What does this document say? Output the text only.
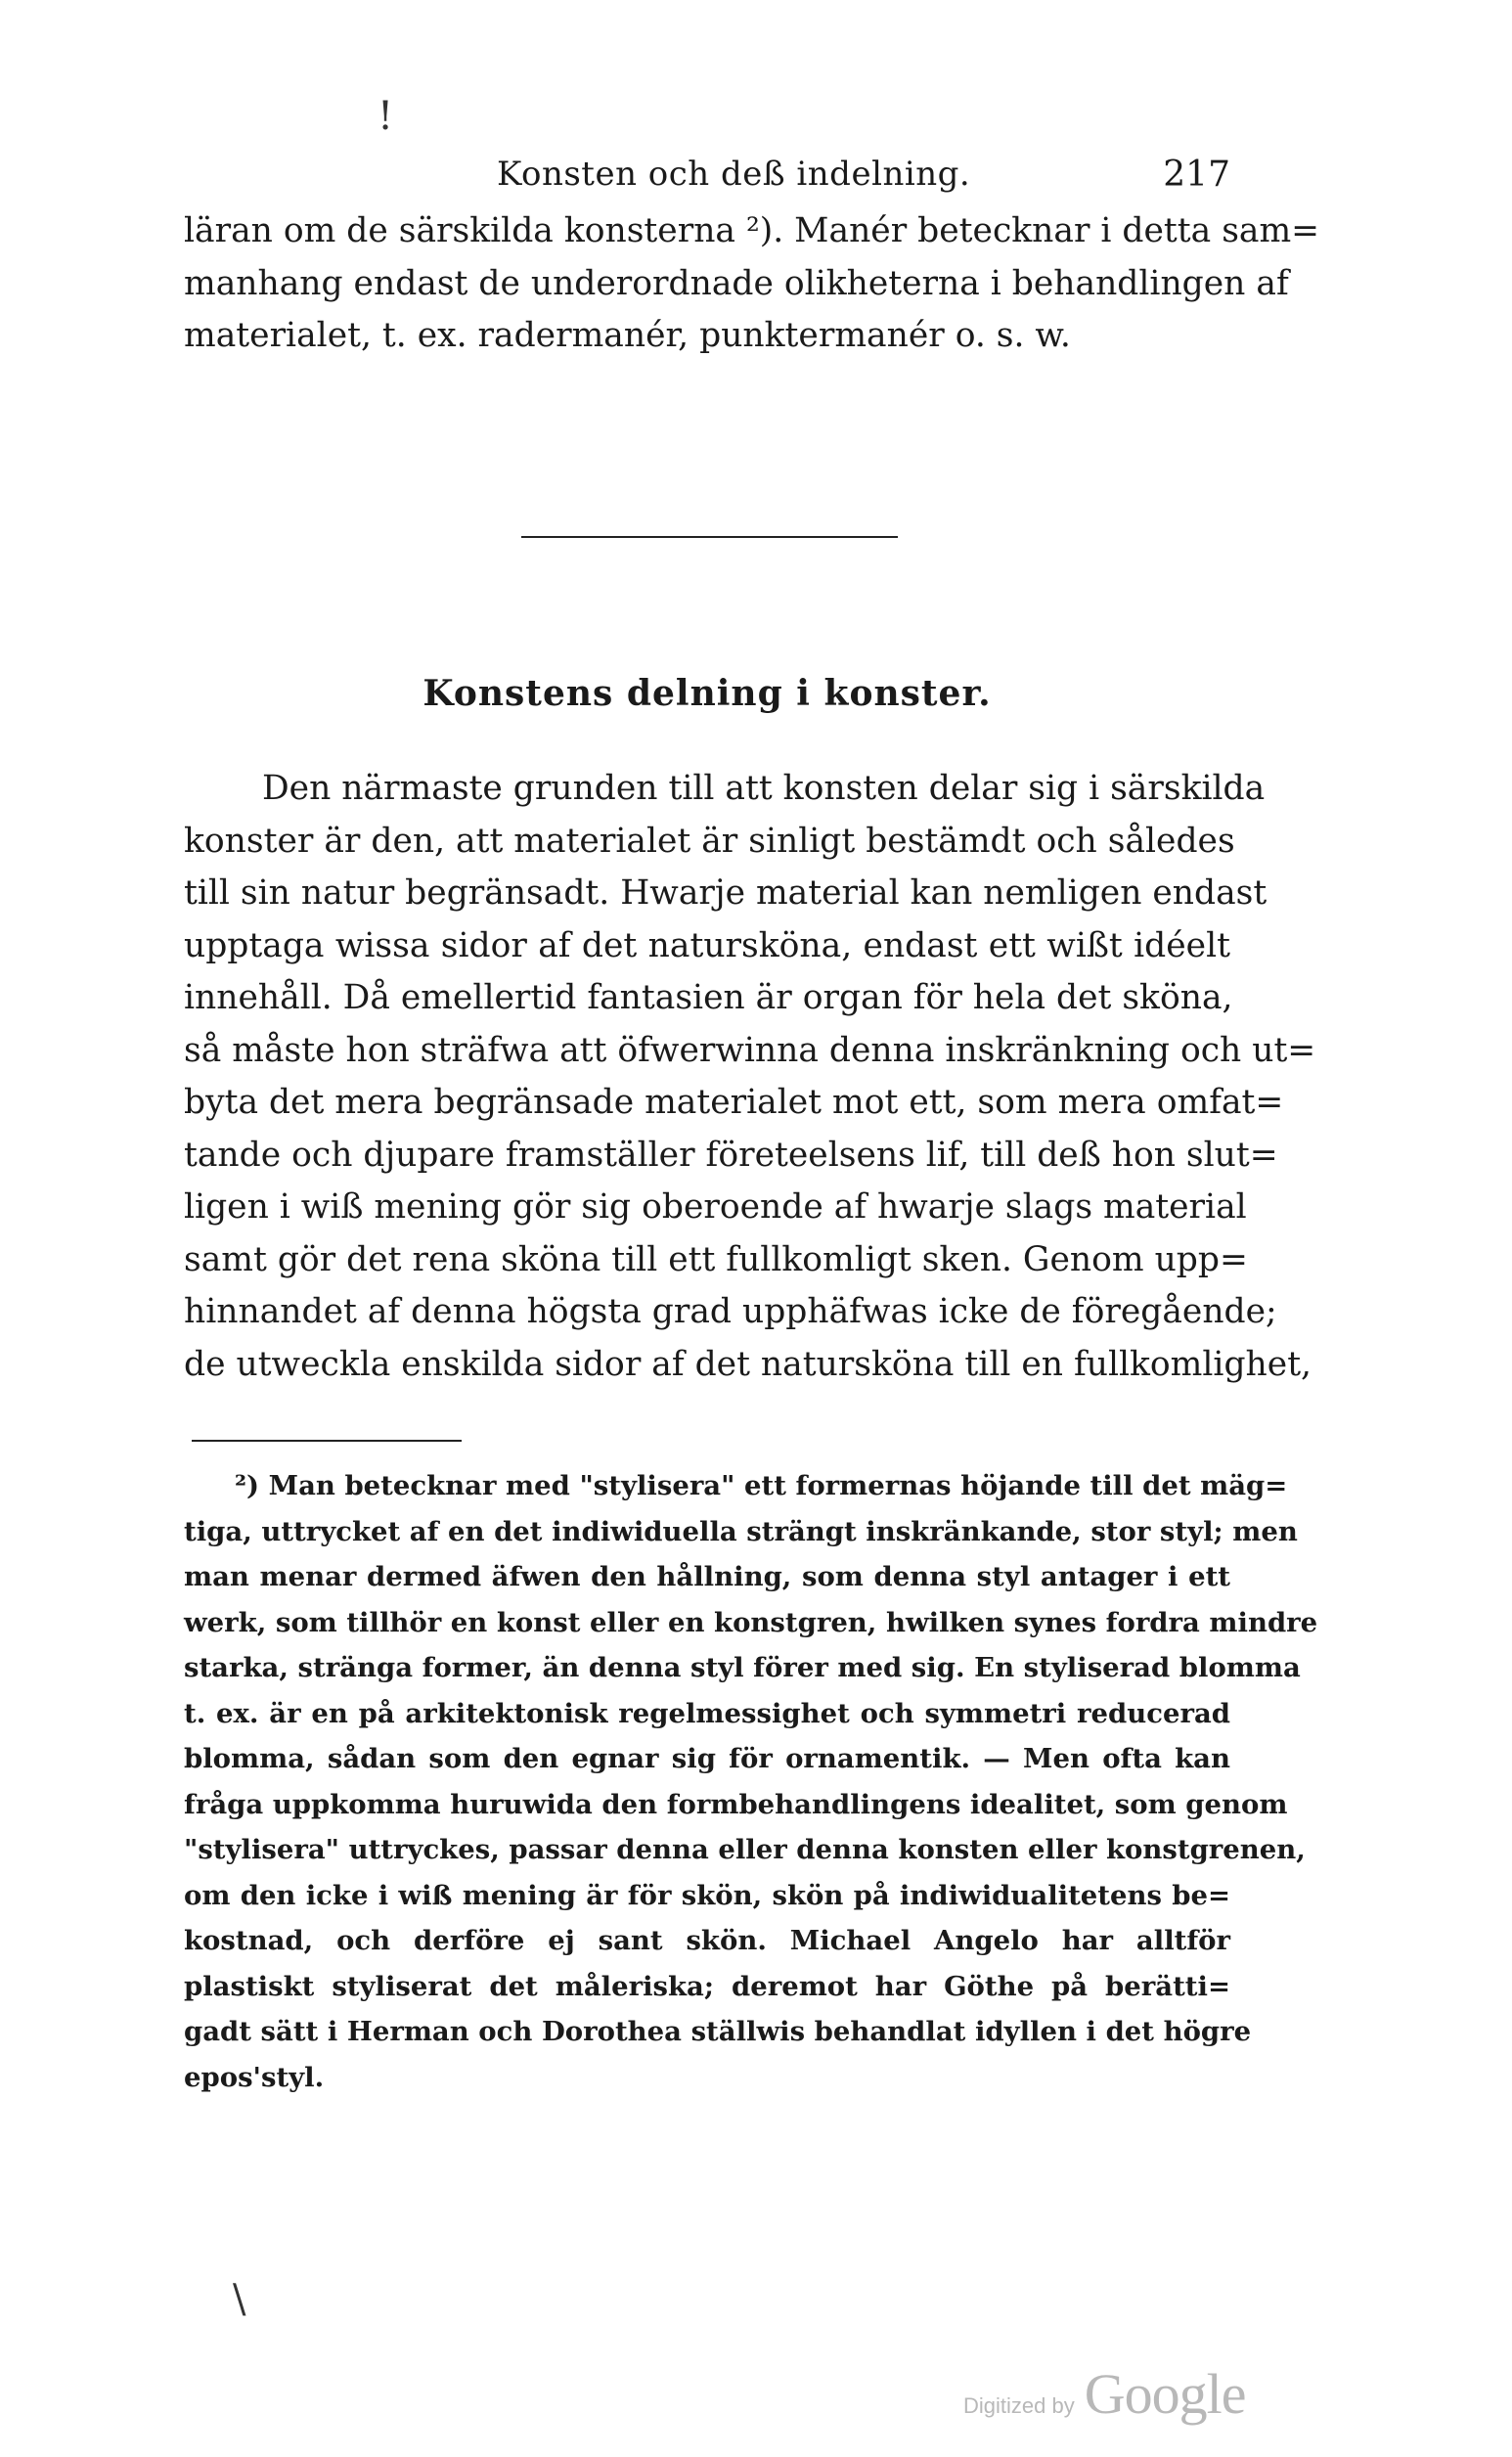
!
Konsten och deß indelning.	217
läran om de särskilda konsterna ²). Manér betecknar i detta sam=
manhang endast de underordnade olikheterna i behandlingen af
materialet, t. ex. radermanér, punktermanér o. s. w.
Konstens delning i konster.
Den närmaste grunden till att konsten delar sig i särskilda
konster är den, att materialet är sinligt bestämdt och således
till sin natur begränsadt. Hwarje material kan nemligen endast
upptaga wissa sidor af det natursköna, endast ett wißt idéelt
innehåll. Då emellertid fantasien är organ för hela det sköna,
så måste hon sträfwa att öfwerwinna denna inskränkning och ut=
byta det mera begränsade materialet mot ett, som mera omfat=
tande och djupare framställer företeelsens lif, till deß hon slut=
ligen i wiß mening gör sig oberoende af hwarje slags material
samt gör det rena sköna till ett fullkomligt sken. Genom upp=
hinnandet af denna högsta grad upphäfwas icke de föregående;
de utweckla enskilda sidor af det naturskönа till en fullkomlighet,
²) Man betecknar med "stylisera" ett formernas höjande till det mäg=
tiga, uttrycket af en det indiwiduella strängt inskränkande, stor styl; men
man menar dermed äfwen den hållning, som denna styl antager i ett
werk, som tillhör en konst eller en konstgren, hwilken synes fordra mindre
starka, stränga former, än denna styl förer med sig. En styliserad blomma
t. ex. är en på arkitektonisk regelmessighet och symmetri reducerad
blomma, sådan som den egnar sig för ornamentik. — Men ofta kan
fråga uppkomma huruwida den formbehandlingens idealitet, som genom
"stylisera" uttryckes, passar denna eller denna konsten eller konstgrenen,
om den icke i wiß mening är för skön, skön på indiwidualitetens be=
kostnad, och derföre ej sant skön. Michael Angelo har alltför
plastiskt styliserat det måleriska; deremot har Göthe på berätti=
gadt sätt i Herman och Dorothea ställwis behandlat idyllen i det högre
epos'styl.
\
Digitized by Google
